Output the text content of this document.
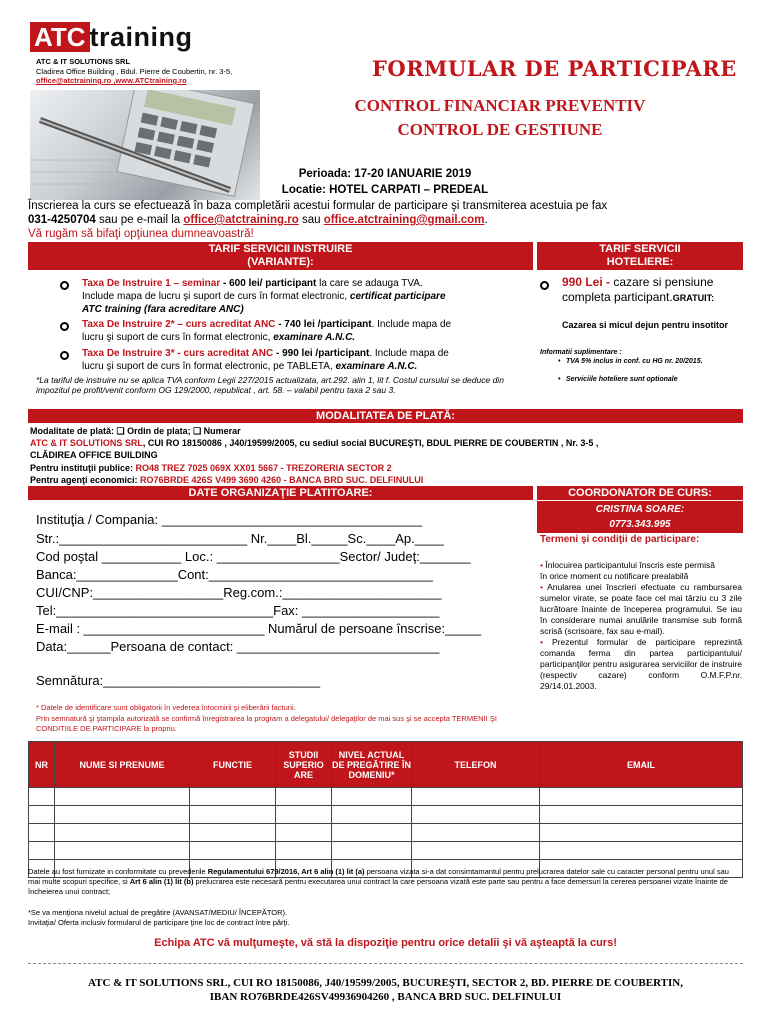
ATC training
ATC & IT SOLUTIONS SRL
Cladirea Office Building , Bdul. Pierre de Coubertin, nr. 3-5,
office@atctraining.ro ,www.ATCtraining.ro	FORMULAR DE PARTICIPARE
CONTROL FINANCIAR PREVENTIV
CONTROL DE GESTIUNE
Perioada: 17-20 IANUARIE 2019
Locatie: HOTEL CARPATI – PREDEAL
Înscrierea la curs se efectuează în baza completării acestui formular de participare şi transmiterea acestuia pe fax
031-4250704 sau pe e-mail la office@atctraining.ro sau office.atctraining@gmail.com.
Vă rugăm să bifaţi opţiunea dumneavoastră!
TARIF SERVICII INSTRUIRE
(VARIANTE):
TARIF SERVICII
HOTELIERE:
Taxa De Instruire 1 – seminar - 600 lei/ participant la care se adauga TVA.
Include mapa de lucru şi suport de curs în format electronic, certificat participare
ATC training (fara acreditare ANC)
Taxa De Instruire 2* – curs acreditat ANC - 740 lei /participant. Include mapa de
lucru şi suport de curs în format electronic, examinare A.N.C.
Taxa De Instruire 3* - curs acreditat ANC - 990 lei /participant. Include mapa de
lucru şi suport de curs în format electronic, pe TABLETA, examinare A.N.C.
*La tariful de instruire nu se aplica TVA conform Legii 227/2015 actualizata, art.292. alin 1, lit f. Costul cursului se deduce din impozitul pe profit/venit conform OG 129/2000, republicat , art. 58. – valabil pentru taxa 2 sau 3.
990 Lei - cazare si pensiune completa participant.GRATUIT:
Cazarea si micul dejun pentru insotitor
Informatii suplimentare :
• TVA 5% inclus in conf. cu HG nr. 20/2015.
• Serviciile hoteliere sunt optionale
MODALITATEA DE PLATĂ:
Modalitate de plată: ❑ Ordin de plata; ❑ Numerar
ATC & IT SOLUTIONS SRL, CUI RO 18150086 , J40/19599/2005, cu sediul social BUCUREŞTI, BDUL PIERRE DE COUBERTIN , Nr. 3-5 ,
CLĂDIREA OFFICE BUILDING
Pentru instituţii publice: RO48 TREZ 7025 069X XX01 5667 - TREZORERIA SECTOR 2
Pentru agenţi economici: RO76BRDE 426S V499 3690 4260 - BANCA BRD SUC. DELFINULUI
DATE ORGANIZAŢIE PLATITOARE:	COORDONATOR DE CURS:
CRISTINA SOARE:
0773.343.995
Instituţia / Compania: ____________________________________
Str.:__________________________ Nr.____Bl._____Sc.____Ap.____
Cod poştal ___________ Loc.: _________________Sector/ Judeţ:_______
Banca:______________Cont:_______________________________
CUI/CNP:__________________Reg.com.:______________________
Tel:______________________________Fax: ___________________
E-mail : _________________________ Numărul de persoane înscrise:_____
Data:______Persoana de contact: ____________________________
Semnătura:______________________________
* Datele de identificare sunt obligatorii în vederea întocmirii şi eliberării facturii.
Prin semnatură şi ştampila autorizată se confirmă înregistrarea la program a delegatului/ delegaţilor de mai sus şi se accepta TERMENII ŞI CONDITIILE DE PARTICIPARE la propriu.
Termeni şi condiţii de participare:
• Înlocuirea participantului înscris este permisă
în orice moment cu notificare prealabilă
• Anularea unei înscrieri efectuate cu rambursarea sumelor virate, se poate face cel mai târziu cu 3 zile lucrătoare înainte de începerea programului. Se iau în considerare numai anulările transmise sub formă scrisă (scrisoare, fax sau e-mail).
• Prezentul formular de participare reprezintă comanda ferma din partea participantului/ participanţilor pentru asigurarea serviciilor de instruire (respectiv cazare) conform O.M.F.P.nr. 29/14.01.2003.
NR	NUME SI PRENUME	FUNCTIE	STUDII SUPERIO ARE	NIVEL ACTUAL DE PREGĂTIRE ÎN DOMENIU*	TELEFON	EMAIL

Datele au fost furnizate in conformitate cu prevederile Regulamentului 679/2016, Art 6 alin (1) lit (a) persoana vizata si-a dat consimtamantul pentru prelucrarea datelor sale cu caracter personal pentru unul sau mai multe scopuri specifice, si Art 6 alin (1) lit (b) prelucrarea este necesară pentru executarea unui contract la care persoana vizată este parte sau pentru a face demersuri la cererea persoanei vizate înainte de încheierea unui contract;
*Se va menţiona nivelul actual de pregătire (AVANSAT/MEDIU/ ÎNCEPĂTOR).
Invitaţia/ Oferta inclusiv formularul de participare ţine loc de contract între părţi.
Echipa ATC vă mulţumeşte, vă stă la dispoziţie pentru orice detalii şi vă aşteaptă la curs!
ATC & IT SOLUTIONS SRL, CUI RO 18150086, J40/19599/2005, BUCUREŞTI, SECTOR 2, BD. PIERRE DE COUBERTIN,
IBAN RO76BRDE426SV49936904260 , BANCA BRD SUC. DELFINULUI
